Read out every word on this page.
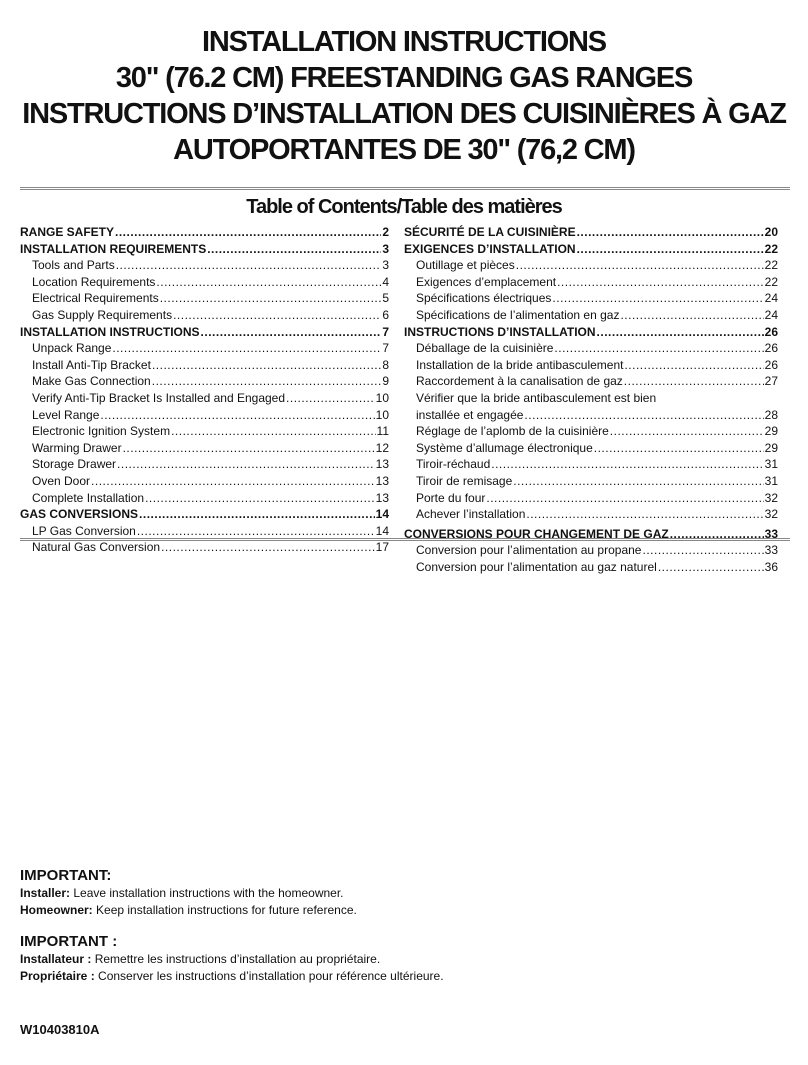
INSTALLATION INSTRUCTIONS
30" (76.2 CM) FREESTANDING GAS RANGES
INSTRUCTIONS D’INSTALLATION DES CUISINIÈRES À GAZ
AUTOPORTANTES DE 30" (76,2 CM)
Table of Contents/Table des matières
RANGE SAFETY .....	2
INSTALLATION REQUIREMENTS .....	3
Tools and Parts .....	3
Location Requirements .....	4
Electrical Requirements .....	5
Gas Supply Requirements .....	6
INSTALLATION INSTRUCTIONS .....	7
Unpack Range .....	7
Install Anti-Tip Bracket .....	8
Make Gas Connection .....	9
Verify Anti-Tip Bracket Is Installed and Engaged .....	10
Level Range .....	10
Electronic Ignition System .....	11
Warming Drawer .....	12
Storage Drawer .....	13
Oven Door .....	13
Complete Installation .....	13
GAS CONVERSIONS .....	14
LP Gas Conversion .....	14
Natural Gas Conversion .....	17
SÉCURITÉ DE LA CUISINIÈRE .....	20
EXIGENCES D’INSTALLATION .....	22
Outillage et pièces .....	22
Exigences d’emplacement .....	22
Spécifications électriques .....	24
Spécifications de l’alimentation en gaz .....	24
INSTRUCTIONS D’INSTALLATION .....	26
Déballage de la cuisinière .....	26
Installation de la bride antibasculement .....	26
Raccordement à la canalisation de gaz .....	27
Vérifier que la bride antibasculement est bien
installée et engagée .....	28
Réglage de l’aplomb de la cuisinière .....	29
Système d’allumage électronique .....	29
Tiroir-réchaud .....	31
Tiroir de remisage .....	31
Porte du four .....	32
Achever l’installation .....	32
CONVERSIONS POUR CHANGEMENT DE GAZ .....	33
Conversion pour l’alimentation au propane .....	33
Conversion pour l’alimentation au gaz naturel .....	36
IMPORTANT:
Installer: Leave installation instructions with the homeowner.
Homeowner: Keep installation instructions for future reference.
IMPORTANT :
Installateur : Remettre les instructions d’installation au propriétaire.
Propriétaire : Conserver les instructions d’installation pour référence ultérieure.
W10403810A
